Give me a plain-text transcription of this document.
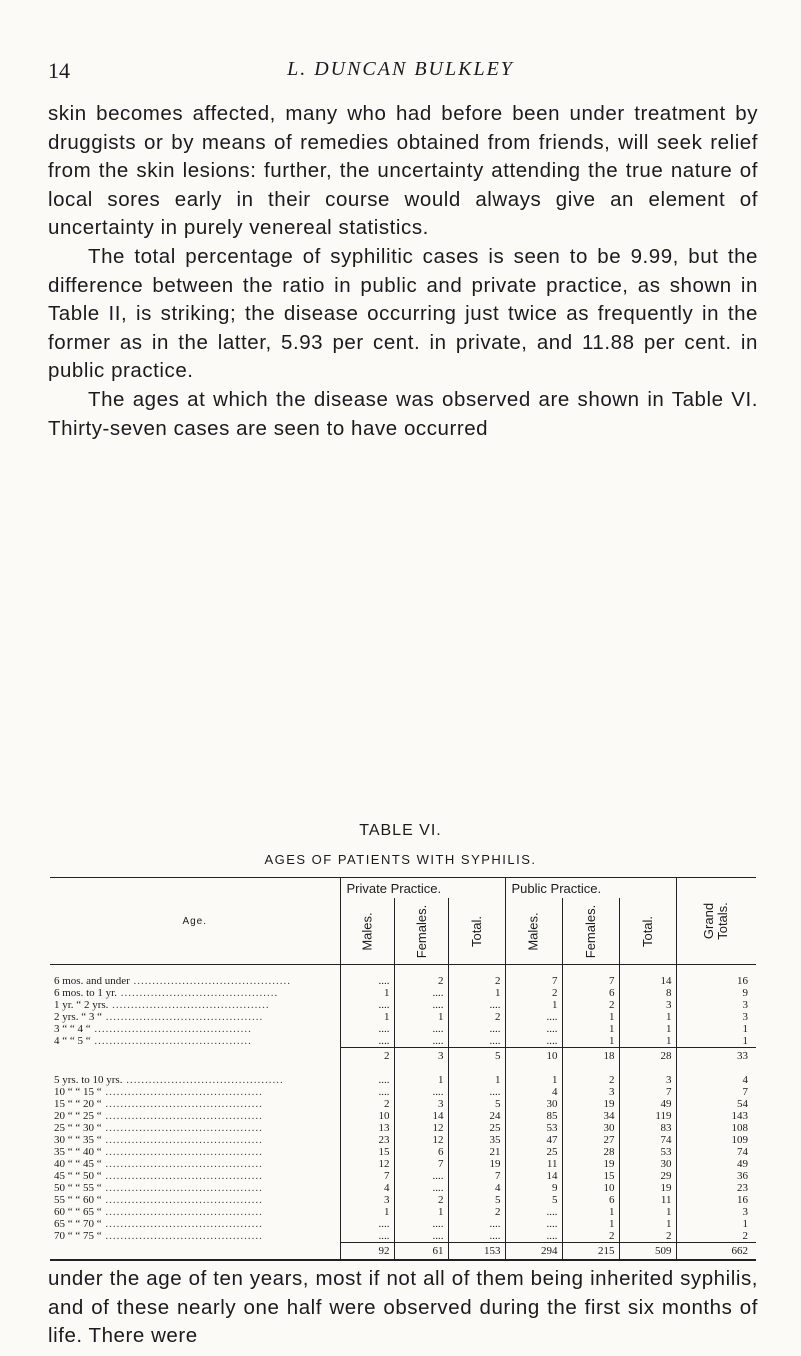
14	L. DUNCAN BULKLEY

skin becomes affected, many who had before been under treatment by druggists or by means of remedies obtained from friends, will seek relief from the skin lesions: further, the uncertainty attending the true nature of local sores early in their course would always give an element of uncertainty in purely venereal statistics.

The total percentage of syphilitic cases is seen to be 9.99, but the difference between the ratio in public and private practice, as shown in Table II, is striking; the disease occurring just twice as frequently in the former as in the latter, 5.93 per cent. in private, and 11.88 per cent. in public practice.

The ages at which the disease was observed are shown in Table VI. Thirty-seven cases are seen to have occurred

TABLE VI.
AGES OF PATIENTS WITH SYPHILIS.
Age.	Private Practice.			Public Practice.			Grand
Totals.
	Males.	Females.	Total.	Males.	Females.	Total.	
6 mos. and under ..........................................	....	2	2	7	7	14	16
6 mos. to 1 yr. ..........................................	1	....	1	2	6	8	9
1 yr. “ 2 yrs. ..........................................	....	....	....	1	2	3	3
2 yrs. “ 3 “ ..........................................	1	1	2	....	1	1	3
3 “ “ 4 “ ..........................................	....	....	....	....	1	1	1
4 “ “ 5 “ ..........................................	....	....	....	....	1	1	1
	2	3	5	10	18	28	33
5 yrs. to 10 yrs. ..........................................	....	1	1	1	2	3	4
10 “ “ 15 “ ..........................................	....	....	....	4	3	7	7
15 “ “ 20 “ ..........................................	2	3	5	30	19	49	54
20 “ “ 25 “ ..........................................	10	14	24	85	34	119	143
25 “ “ 30 “ ..........................................	13	12	25	53	30	83	108
30 “ “ 35 “ ..........................................	23	12	35	47	27	74	109
35 “ “ 40 “ ..........................................	15	6	21	25	28	53	74
40 “ “ 45 “ ..........................................	12	7	19	11	19	30	49
45 “ “ 50 “ ..........................................	7	....	7	14	15	29	36
50 “ “ 55 “ ..........................................	4	....	4	9	10	19	23
55 “ “ 60 “ ..........................................	3	2	5	5	6	11	16
60 “ “ 65 “ ..........................................	1	1	2	....	1	1	3
65 “ “ 70 “ ..........................................	....	....	....	....	1	1	1
70 “ “ 75 “ ..........................................	....	....	....	....	2	2	2
	92	61	153	294	215	509	662

under the age of ten years, most if not all of them being inherited syphilis, and of these nearly one half were observed during the first six months of life. There were
